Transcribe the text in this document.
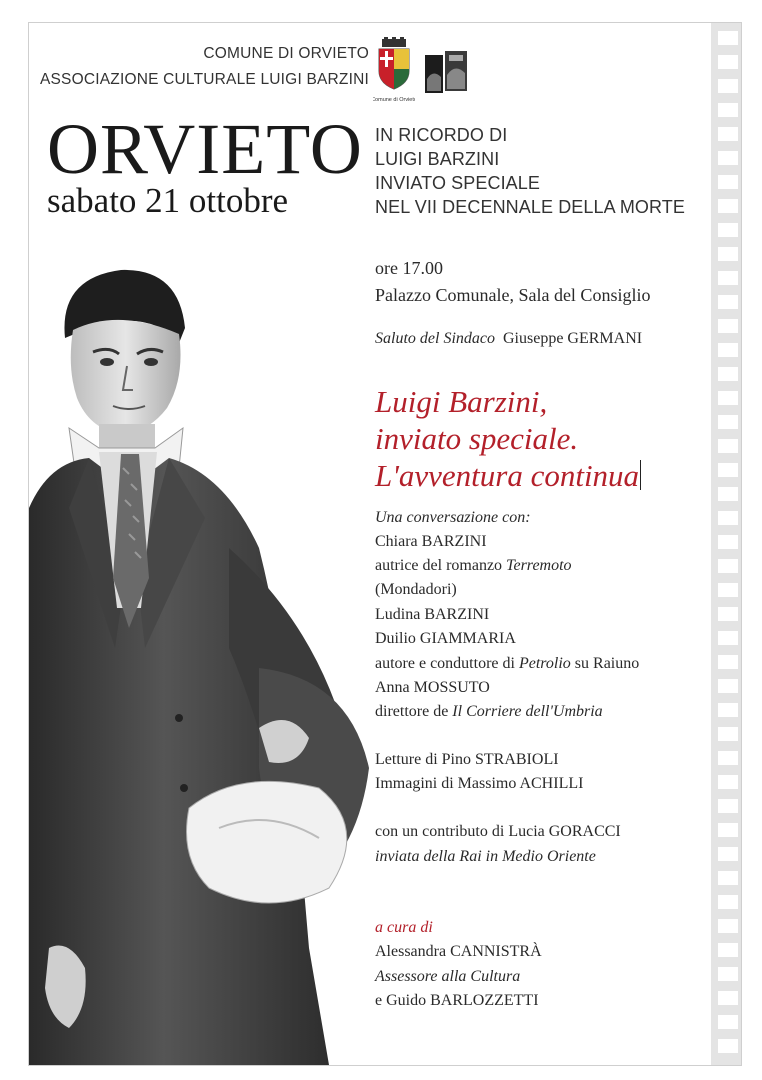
COMUNE DI ORVIETO
ASSOCIAZIONE CULTURALE LUIGI BARZINI
Comune di Orvieto
ORVIETO
sabato 21 ottobre
IN RICORDO DI
LUIGI BARZINI
INVIATO SPECIALE
NEL VII DECENNALE DELLA MORTE
ore 17.00
Palazzo Comunale, Sala del Consiglio
Saluto del Sindaco Giuseppe GERMANI
Luigi Barzini,
inviato speciale.
L'avventura continua
Una conversazione con:
Chiara BARZINI
autrice del romanzo Terremoto
(Mondadori)
Ludina BARZINI
Duilio GIAMMARIA
autore e conduttore di Petrolio su Raiuno
Anna MOSSUTO
direttore de Il Corriere dell'Umbria
Letture di Pino STRABIOLI
Immagini di Massimo ACHILLI
con un contributo di Lucia GORACCI
inviata della Rai in Medio Oriente
a cura di
Alessandra CANNISTRÀ
Assessore alla Cultura
e Guido BARLOZZETTI
